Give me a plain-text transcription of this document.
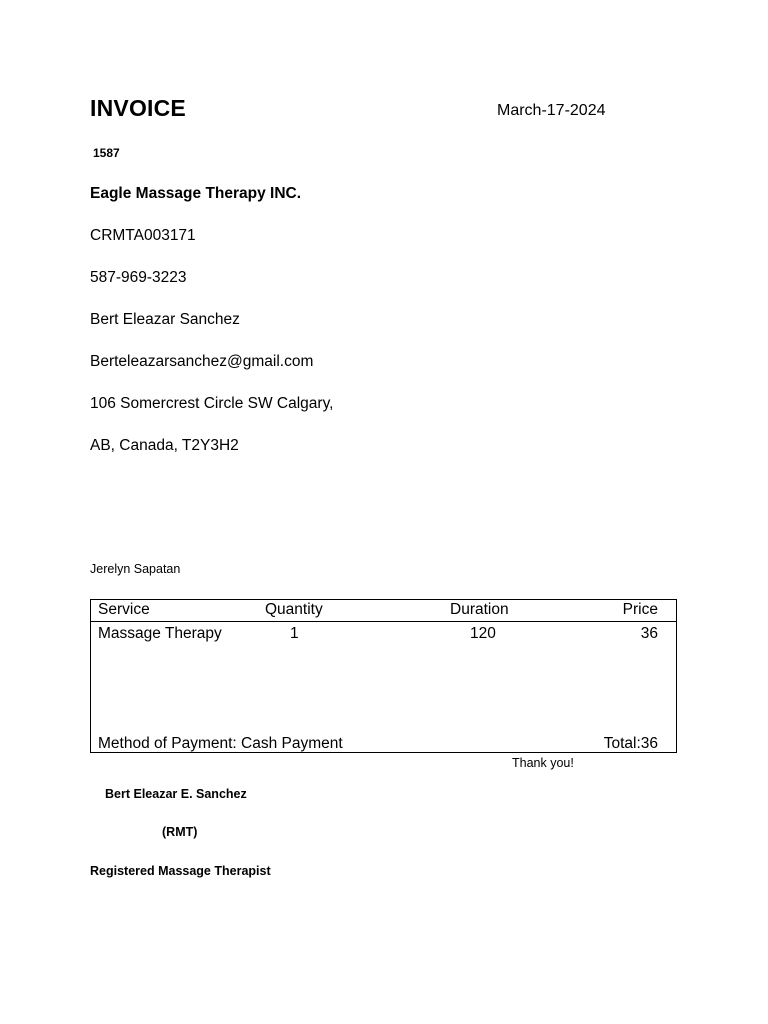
INVOICE	March-17-2024
1587
Eagle Massage Therapy INC.
CRMTA003171
587-969-3223
Bert Eleazar Sanchez
Berteleazarsanchez@gmail.com
106 Somercrest Circle SW Calgary,
AB, Canada, T2Y3H2
Jerelyn Sapatan
Service	Quantity	Duration	Price
Massage Therapy	1	120	36
Method of Payment: Cash Payment	Total:36
Thank you!
Bert Eleazar E. Sanchez
(RMT)
Registered Massage Therapist
